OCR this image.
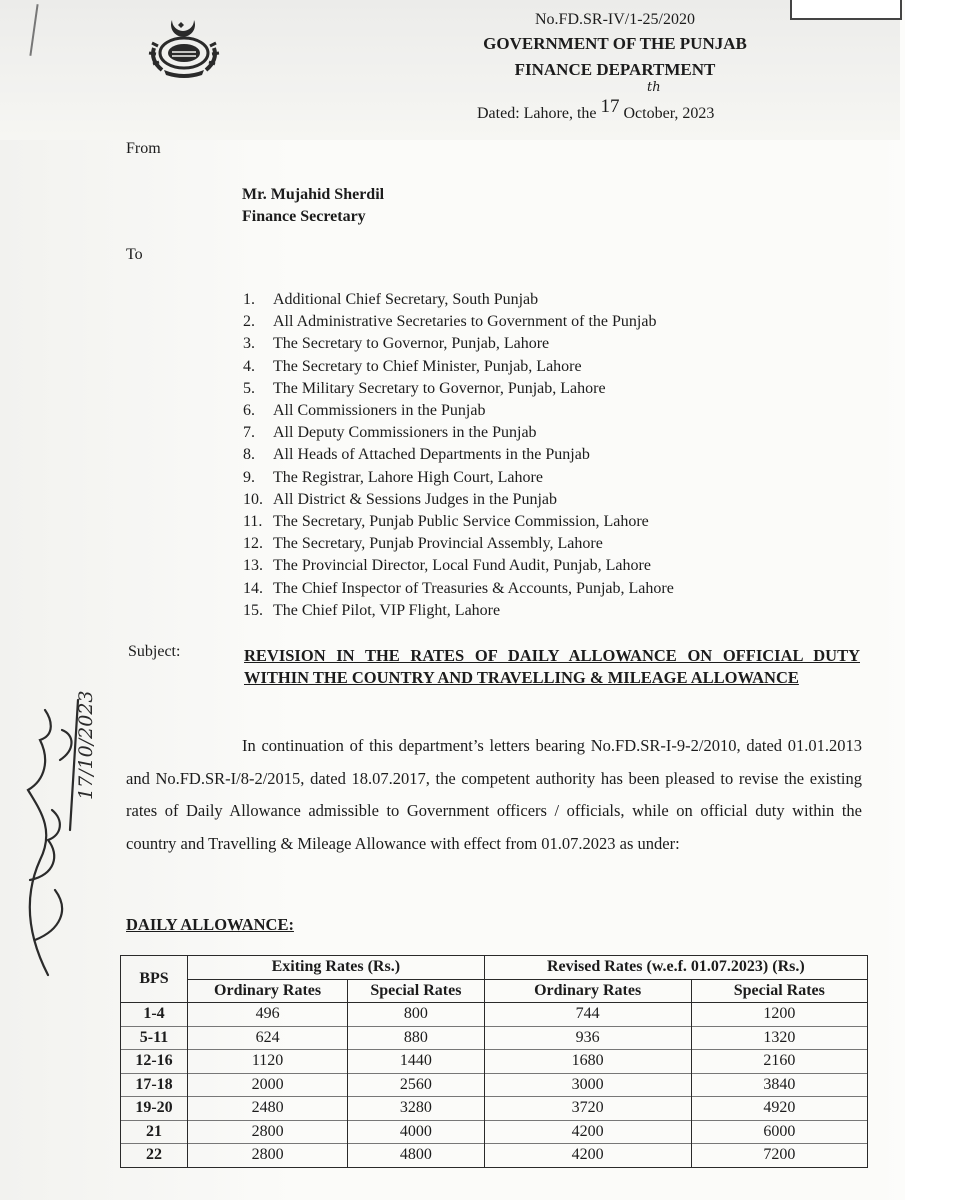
No.FD.SR-IV/1-25/2020
GOVERNMENT OF THE PUNJAB
FINANCE DEPARTMENT
Dated: Lahore, the 17
th
October, 2023
From
Mr. Mujahid Sherdil
Finance Secretary
To
1. Additional Chief Secretary, South Punjab
2. All Administrative Secretaries to Government of the Punjab
3. The Secretary to Governor, Punjab, Lahore
4. The Secretary to Chief Minister, Punjab, Lahore
5. The Military Secretary to Governor, Punjab, Lahore
6. All Commissioners in the Punjab
7. All Deputy Commissioners in the Punjab
8. All Heads of Attached Departments in the Punjab
9. The Registrar, Lahore High Court, Lahore
10. All District & Sessions Judges in the Punjab
11. The Secretary, Punjab Public Service Commission, Lahore
12. The Secretary, Punjab Provincial Assembly, Lahore
13. The Provincial Director, Local Fund Audit, Punjab, Lahore
14. The Chief Inspector of Treasuries & Accounts, Punjab, Lahore
15. The Chief Pilot, VIP Flight, Lahore
17/10/2023
Subject:	REVISION IN THE RATES OF DAILY ALLOWANCE ON OFFICIAL DUTY WITHIN THE COUNTRY AND TRAVELLING & MILEAGE ALLOWANCE
In continuation of this department’s letters bearing No.FD.SR-I-9-2/2010, dated 01.01.2013 and No.FD.SR-I/8-2/2015, dated 18.07.2017, the competent authority has been pleased to revise the existing rates of Daily Allowance admissible to Government officers / officials, while on official duty within the country and Travelling & Mileage Allowance with effect from 01.07.2023 as under:
DAILY ALLOWANCE:
BPS	Exiting Rates (Rs.)		Revised Rates (w.e.f. 01.07.2023) (Rs.)	
	Ordinary Rates	Special Rates	Ordinary Rates	Special Rates
1-4	496	800	744	1200
5-11	624	880	936	1320
12-16	1120	1440	1680	2160
17-18	2000	2560	3000	3840
19-20	2480	3280	3720	4920
21	2800	4000	4200	6000
22	2800	4800	4200	7200
